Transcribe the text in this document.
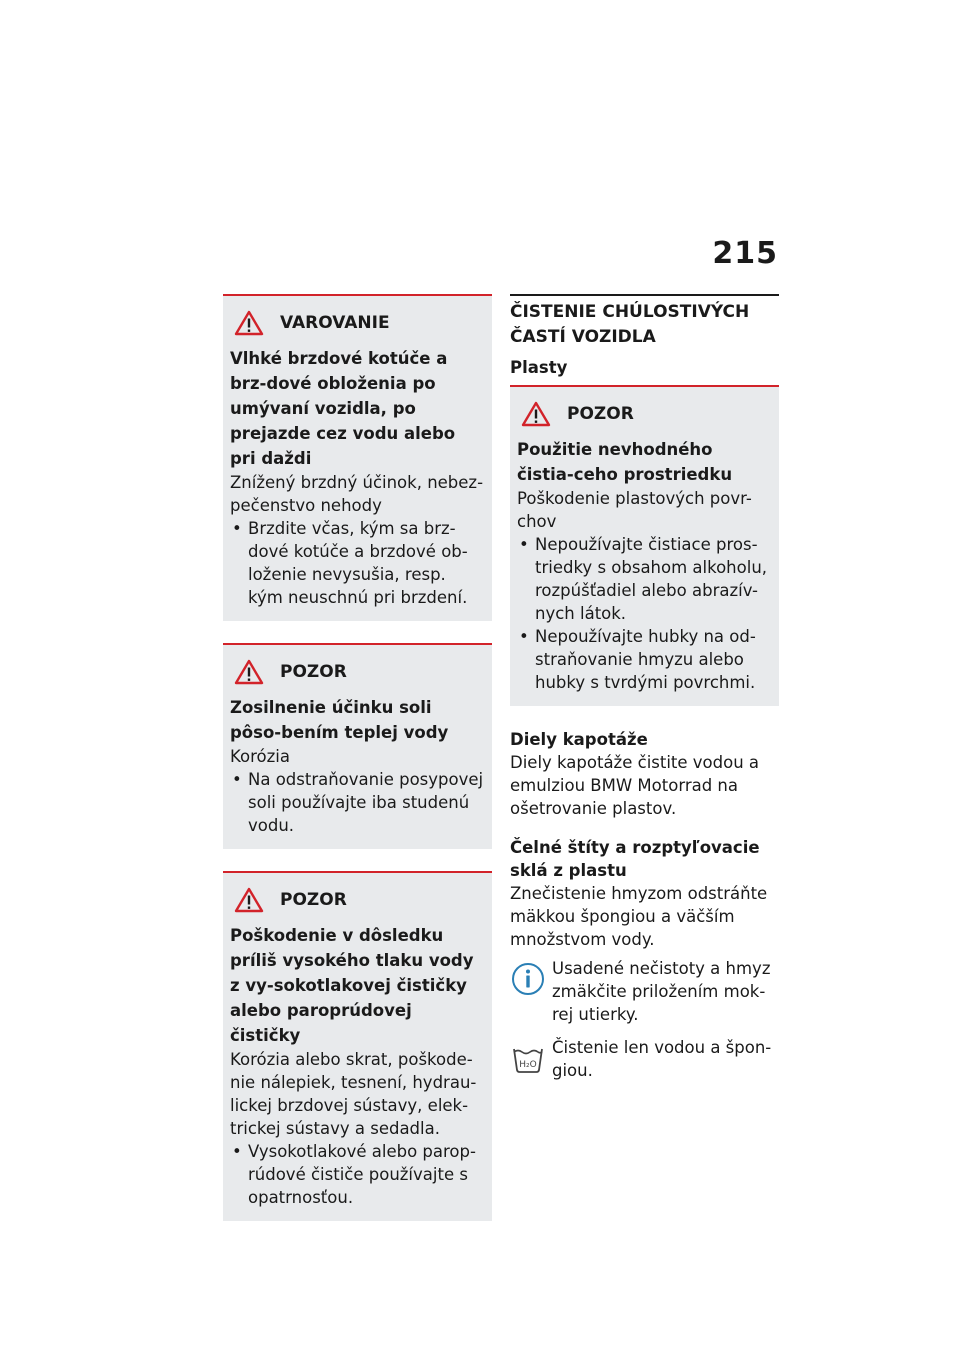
215
VAROVANIE
Vlhké brzdové kotúče a brz-dové obloženia po umývaní vozidla, po prejazde cez vodu alebo pri daždi
Znížený brzdný účinok, nebez-pečenstvo nehody
• Brzdite včas, kým sa brz-dové kotúče a brzdové ob-loženie nevysušia, resp. kým neuschnú pri brzdení.
POZOR
Zosilnenie účinku soli pôso-bením teplej vody
Korózia
• Na odstraňovanie posypovej soli používajte iba studenú vodu.
POZOR
Poškodenie v dôsledku príliš vysokého tlaku vody z vy-sokotlakovej čističky alebo paroprúdovej čističky
Korózia alebo skrat, poškode-nie nálepiek, tesnení, hydrau-lickej brzdovej sústavy, elek-trickej sústavy a sedadla.
• Vysokotlakové alebo parop-rúdové čističe používajte s opatrnosťou.
ČISTENIE CHÚLOSTIVÝCH ČASTÍ VOZIDLA
Plasty
POZOR
Použitie nevhodného čistia-ceho prostriedku
Poškodenie plastových povr-chov
• Nepoužívajte čistiace pros-triedky s obsahom alkoholu, rozpúšťadiel alebo abrazív-nych látok.
• Nepoužívajte hubky na od-straňovanie hmyzu alebo hubky s tvrdými povrchmi.
Diely kapotáže

Diely kapotáže čistite vodou a emulziou BMW Motorrad na ošetrovanie plastov.

Čelné štíty a rozptyľovacie sklá z plastu

Znečistenie hmyzom odstráňte mäkkou špongiou a väčším množstvom vody.

Usadené nečistoty a hmyz zmäkčite priložením mok-rej utierky.
H₂O
Čistenie len vodou a špon-giou.
